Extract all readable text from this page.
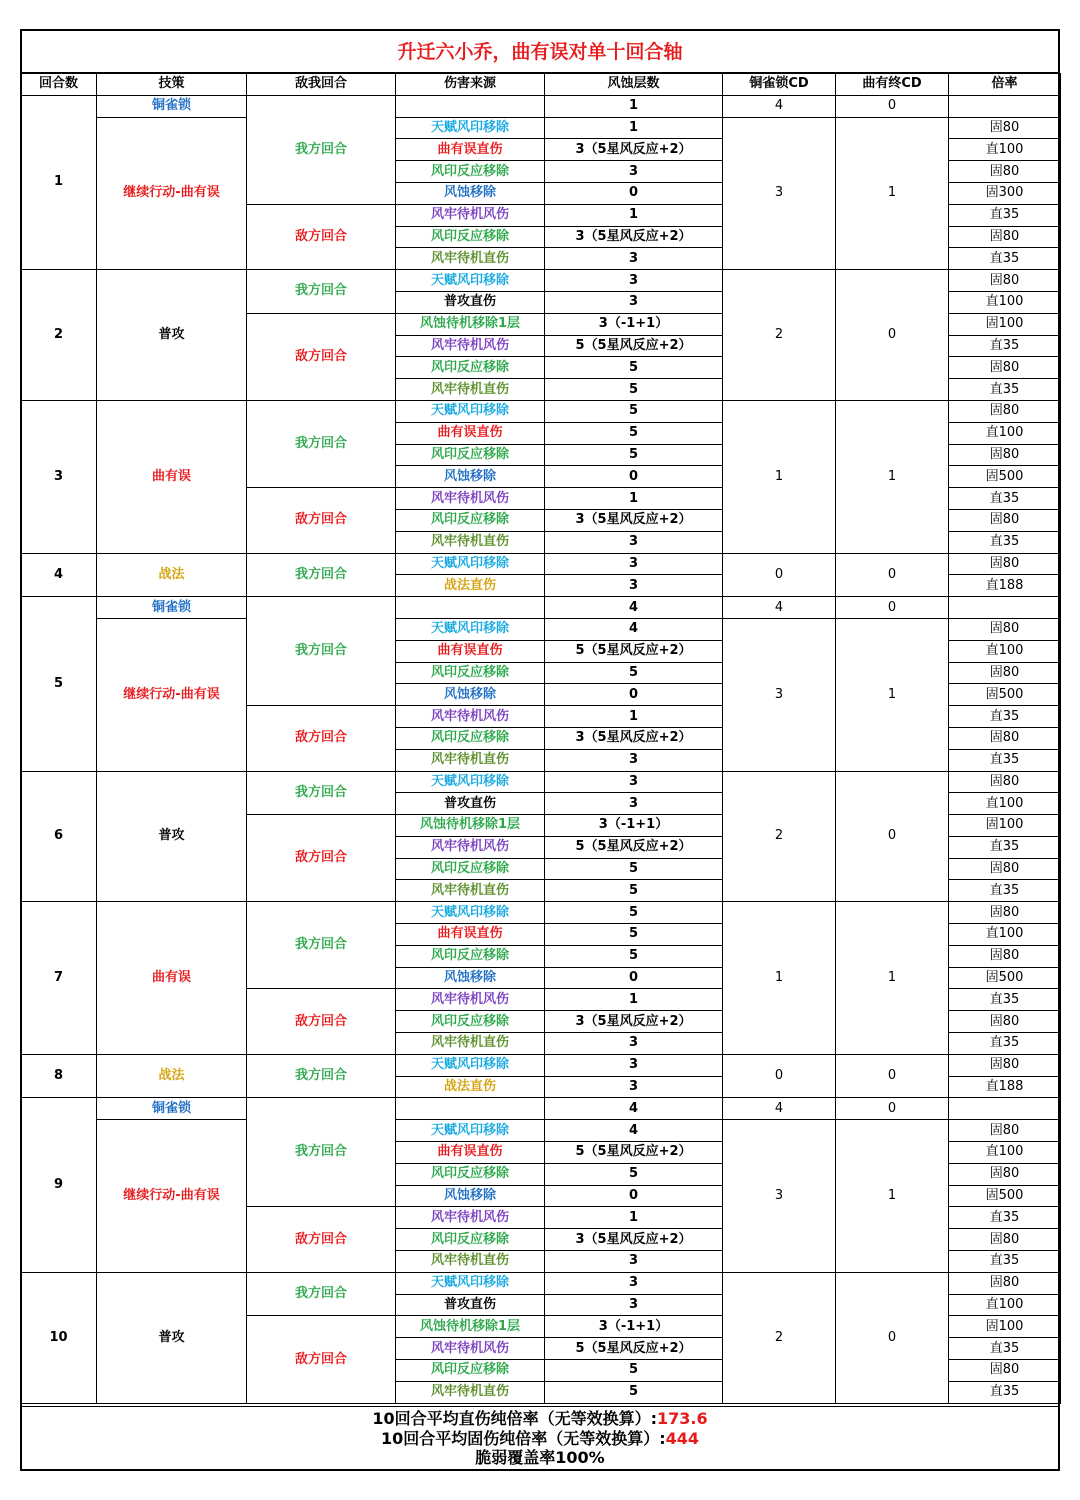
升迁六小乔，曲有误对单十回合轴
回合数	技策	敌我回合	伤害来源	风蚀层数	铜雀锁CD	曲有终CD	倍率
1	铜雀锁	我方回合		1	4	0	
	继续行动-曲有误		天赋风印移除	1	3	1	固80
			曲有误直伤	3（5星风反应+2）			直100
			风印反应移除	3			固80
			风蚀移除	0			固300
		敌方回合	风牢待机风伤	1			直35
			风印反应移除	3（5星风反应+2）			固80
			风牢待机直伤	3			直35
2	普攻	我方回合	天赋风印移除	3	2	0	固80
			普攻直伤	3			直100
		敌方回合	风蚀待机移除1层	3（-1+1）			固100
			风牢待机风伤	5（5星风反应+2）			直35
			风印反应移除	5			固80
			风牢待机直伤	5			直35
3	曲有误	我方回合	天赋风印移除	5	1	1	固80
			曲有误直伤	5			直100
			风印反应移除	5			固80
			风蚀移除	0			固500
		敌方回合	风牢待机风伤	1			直35
			风印反应移除	3（5星风反应+2）			固80
			风牢待机直伤	3			直35
4	战法	我方回合	天赋风印移除	3	0	0	固80
			战法直伤	3			直188
5	铜雀锁	我方回合		4	4	0	
	继续行动-曲有误		天赋风印移除	4	3	1	固80
			曲有误直伤	5（5星风反应+2）			直100
			风印反应移除	5			固80
			风蚀移除	0			固500
		敌方回合	风牢待机风伤	1			直35
			风印反应移除	3（5星风反应+2）			固80
			风牢待机直伤	3			直35
6	普攻	我方回合	天赋风印移除	3	2	0	固80
			普攻直伤	3			直100
		敌方回合	风蚀待机移除1层	3（-1+1）			固100
			风牢待机风伤	5（5星风反应+2）			直35
			风印反应移除	5			固80
			风牢待机直伤	5			直35
7	曲有误	我方回合	天赋风印移除	5	1	1	固80
			曲有误直伤	5			直100
			风印反应移除	5			固80
			风蚀移除	0			固500
		敌方回合	风牢待机风伤	1			直35
			风印反应移除	3（5星风反应+2）			固80
			风牢待机直伤	3			直35
8	战法	我方回合	天赋风印移除	3	0	0	固80
			战法直伤	3			直188
9	铜雀锁	我方回合		4	4	0	
	继续行动-曲有误		天赋风印移除	4	3	1	固80
			曲有误直伤	5（5星风反应+2）			直100
			风印反应移除	5			固80
			风蚀移除	0			固500
		敌方回合	风牢待机风伤	1			直35
			风印反应移除	3（5星风反应+2）			固80
			风牢待机直伤	3			直35
10	普攻	我方回合	天赋风印移除	3	2	0	固80
			普攻直伤	3			直100
		敌方回合	风蚀待机移除1层	3（-1+1）			固100
			风牢待机风伤	5（5星风反应+2）			直35
			风印反应移除	5			固80
			风牢待机直伤	5			直35
10回合平均直伤纯倍率（无等效换算）:173.6
10回合平均固伤纯倍率（无等效换算）:444
脆弱覆盖率100%
